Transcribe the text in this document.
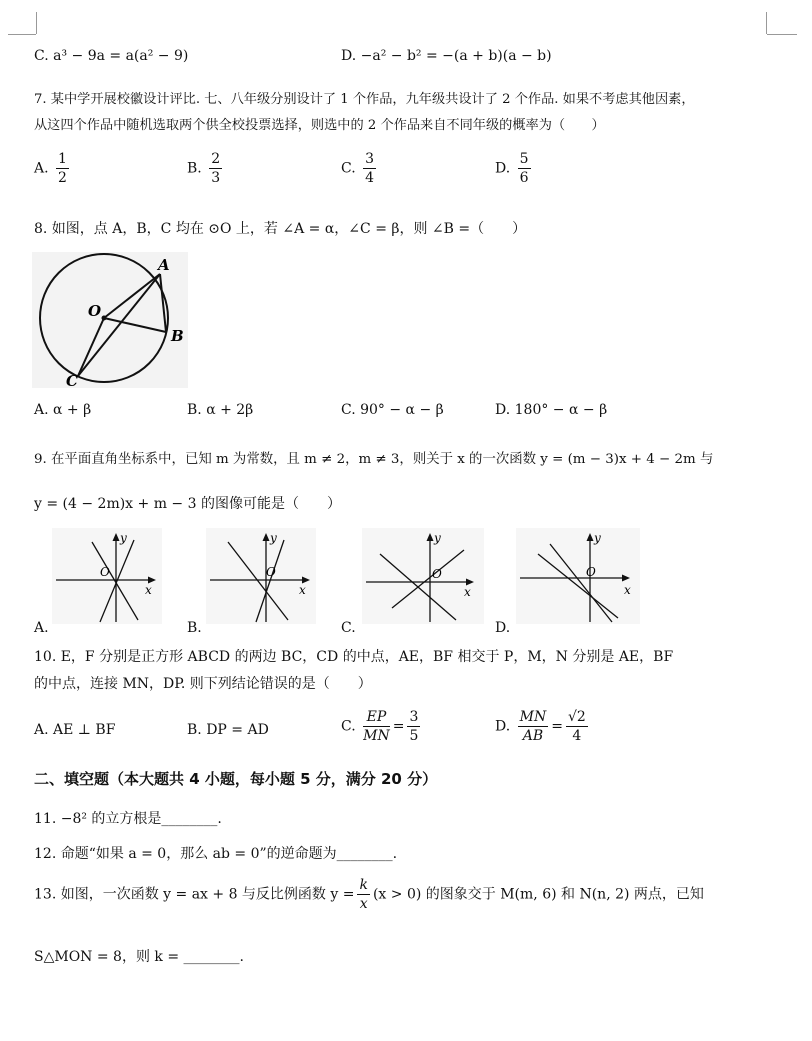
C. a³ − 9a = a(a² − 9)	D. −a² − b² = −(a + b)(a − b)
7. 某中学开展校徽设计评比. 七、八年级分别设计了 1 个作品，九年级共设计了 2 个作品. 如果不考虑其他因素，
从这四个作品中随机选取两个供全校投票选择，则选中的 2 个作品来自不同年级的概率为（　　）
A. $\frac{1}{2}$	B. $\frac{2}{3}$	C. $\frac{3}{4}$	D. $\frac{5}{6}$
8. 如图，点 A，B，C 均在 ⊙O 上，若 ∠A = α，∠C = β，则 ∠B =（　　）
A
B
C
O
A. α + β	B. α + 2β	C. 90° − α − β	D. 180° − α − β
9. 在平面直角坐标系中，已知 m 为常数，且 m ≠ 2，m ≠ 3，则关于 x 的一次函数 y = (m − 3)x + 4 − 2m 与
y = (4 − 2m)x + m − 3 的图像可能是（　　）
y
O
x
A.
y
O
x
B.
y
O
x
C.
y
O
x
D.
10. E，F 分别是正方形 ABCD 的两边 BC，CD 的中点，AE，BF 相交于 P，M，N 分别是 AE，BF
的中点，连接 MN，DP. 则下列结论错误的是（　　）
A. AE ⊥ BF	B. DP = AD	C. $\frac{EP}{MN} = \frac{3}{5}$	D. $\frac{MN}{AB} = \frac{√2}{4}$
二、填空题（本大题共 4 小题，每小题 5 分，满分 20 分）
11. −8² 的立方根是________.
12. 命题“如果 a = 0，那么 ab = 0”的逆命题为________.
13. 如图，一次函数 y = ax + 8 与反比例函数 $y = \frac{k}{x} (x > 0)$ 的图象交于 M(m, 6) 和 N(n, 2) 两点，已知
S△MON = 8，则 k = ________.
